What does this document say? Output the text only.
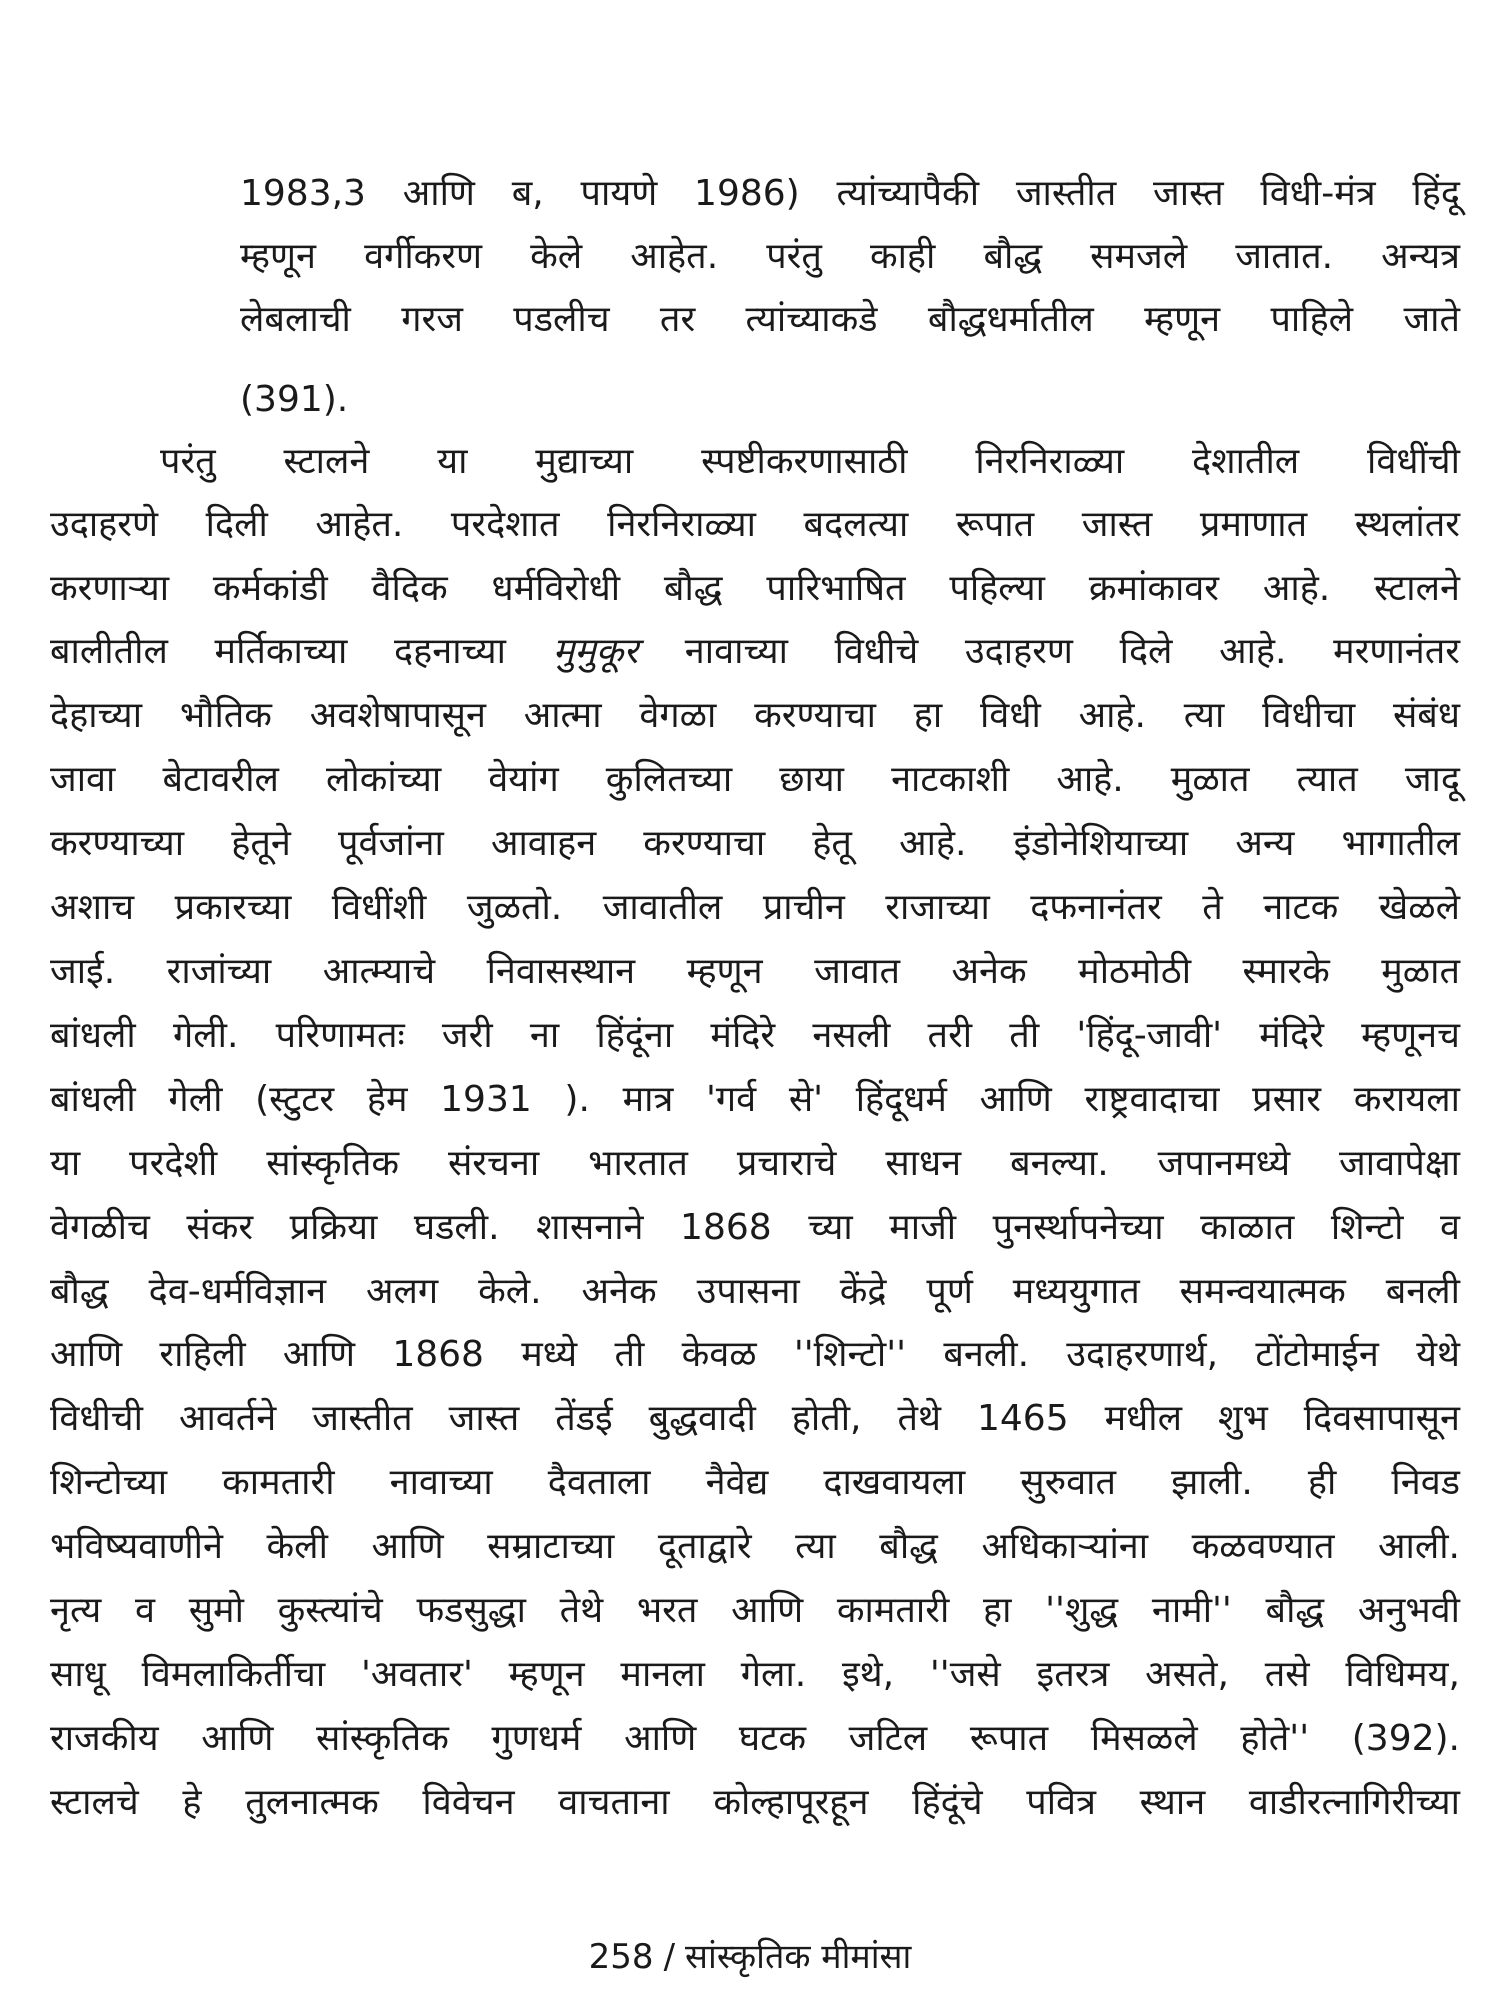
1983,3 आणि ब, पायणे 1986) त्यांच्यापैकी जास्तीत जास्त विधी-मंत्र हिंदू
म्हणून वर्गीकरण केले आहेत. परंतु काही बौद्ध समजले जातात. अन्यत्र
लेबलाची गरज पडलीच तर त्यांच्याकडे बौद्धधर्मातील म्हणून पाहिले जाते
(391).
परंतु स्टालने या मुद्याच्या स्पष्टीकरणासाठी निरनिराळ्या देशातील विधींची
उदाहरणे दिली आहेत. परदेशात निरनिराळ्या बदलत्या रूपात जास्त प्रमाणात स्थलांतर
करणाऱ्या कर्मकांडी वैदिक धर्मविरोधी बौद्ध पारिभाषित पहिल्या क्रमांकावर आहे. स्टालने
बालीतील मर्तिकाच्या दहनाच्या मुमुकूर नावाच्या विधीचे उदाहरण दिले आहे. मरणानंतर
देहाच्या भौतिक अवशेषापासून आत्मा वेगळा करण्याचा हा विधी आहे. त्या विधीचा संबंध
जावा बेटावरील लोकांच्या वेयांग कुलितच्या छाया नाटकाशी आहे. मुळात त्यात जादू
करण्याच्या हेतूने पूर्वजांना आवाहन करण्याचा हेतू आहे. इंडोनेशियाच्या अन्य भागातील
अशाच प्रकारच्या विधींशी जुळतो. जावातील प्राचीन राजाच्या दफनानंतर ते नाटक खेळले
जाई. राजांच्या आत्म्याचे निवासस्थान म्हणून जावात अनेक मोठमोठी स्मारके मुळात
बांधली गेली. परिणामतः जरी ना हिंदूंना मंदिरे नसली तरी ती 'हिंदू-जावी' मंदिरे म्हणूनच
बांधली गेली (स्टुटर हेम 1931 ). मात्र 'गर्व से' हिंदूधर्म आणि राष्ट्रवादाचा प्रसार करायला
या परदेशी सांस्कृतिक संरचना भारतात प्रचाराचे साधन बनल्या. जपानमध्ये जावापेक्षा
वेगळीच संकर प्रक्रिया घडली. शासनाने 1868 च्या माजी पुनर्स्थापनेच्या काळात शिन्टो व
बौद्ध देव-धर्मविज्ञान अलग केले. अनेक उपासना केंद्रे पूर्ण मध्ययुगात समन्वयात्मक बनली
आणि राहिली आणि 1868 मध्ये ती केवळ ''शिन्टो'' बनली. उदाहरणार्थ, टोंटोमाईन येथे
विधीची आवर्तने जास्तीत जास्त तेंडई बुद्धवादी होती, तेथे 1465 मधील शुभ दिवसापासून
शिन्टोच्या कामतारी नावाच्या दैवताला नैवेद्य दाखवायला सुरुवात झाली. ही निवड
भविष्यवाणीने केली आणि सम्राटाच्या दूताद्वारे त्या बौद्ध अधिकाऱ्यांना कळवण्यात आली.
नृत्य व सुमो कुस्त्यांचे फडसुद्धा तेथे भरत आणि कामतारी हा ''शुद्ध नामी'' बौद्ध अनुभवी
साधू विमलाकिर्तीचा 'अवतार' म्हणून मानला गेला. इथे, ''जसे इतरत्र असते, तसे विधिमय,
राजकीय आणि सांस्कृतिक गुणधर्म आणि घटक जटिल रूपात मिसळले होते'' (392).
स्टालचे हे तुलनात्मक विवेचन वाचताना कोल्हापूरहून हिंदूंचे पवित्र स्थान वाडीरत्नागिरीच्या
258 / सांस्कृतिक मीमांसा
